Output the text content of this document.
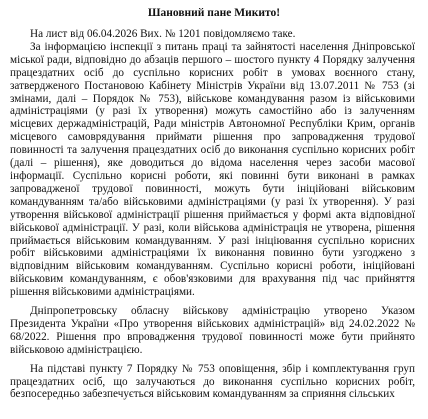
Шановний пане Микито!

На лист від 06.04.2026 Вих. № 1201 повідомляємо таке.

За інформацією інспекції з питань праці та зайнятості населення Дніпровської міської ради, відповідно до абзаців першого – шостого пункту 4 Порядку залучення працездатних осіб до суспільно корисних робіт в умовах воєнного стану, затвердженого Постановою Кабінету Міністрів України від 13.07.2011 № 753 (зі змінами, далі – Порядок № 753), військове командування разом із військовими адміністраціями (у разі їх утворення) можуть самостійно або із залученням місцевих держадміністрацій, Ради міністрів Автономної Республіки Крим, органів місцевого самоврядування приймати рішення про запровадження трудової повинності та залучення працездатних осіб до виконання суспільно корисних робіт (далі – рішення), яке доводиться до відома населення через засоби масової інформації. Суспільно корисні роботи, які повинні бути виконані в рамках запровадженої трудової повинності, можуть бути ініційовані військовим командуванням та/або військовими адміністраціями (у разі їх утворення). У разі утворення військової адміністрації рішення приймається у формі акта відповідної військової адміністрації. У разі, коли військова адміністрація не утворена, рішення приймається військовим командуванням. У разі ініціювання суспільно корисних робіт військовими адміністраціями їх виконання повинно бути узгоджено з відповідним військовим командуванням. Суспільно корисні роботи, ініційовані військовим командуванням, є обов'язковими для врахування під час прийняття рішення військовими адміністраціями.

Дніпропетровську обласну військову адміністрацію утворено Указом Президента України «Про утворення військових адміністрацій» від 24.02.2022 № 68/2022. Рішення про впровадження трудової повинності може бути прийнято військовою адміністрацією.

На підставі пункту 7 Порядку № 753 оповіщення, збір і комплектування груп працездатних осіб, що залучаються до виконання суспільно корисних робіт, безпосередньо забезпечується військовим командуванням за сприяння сільських
